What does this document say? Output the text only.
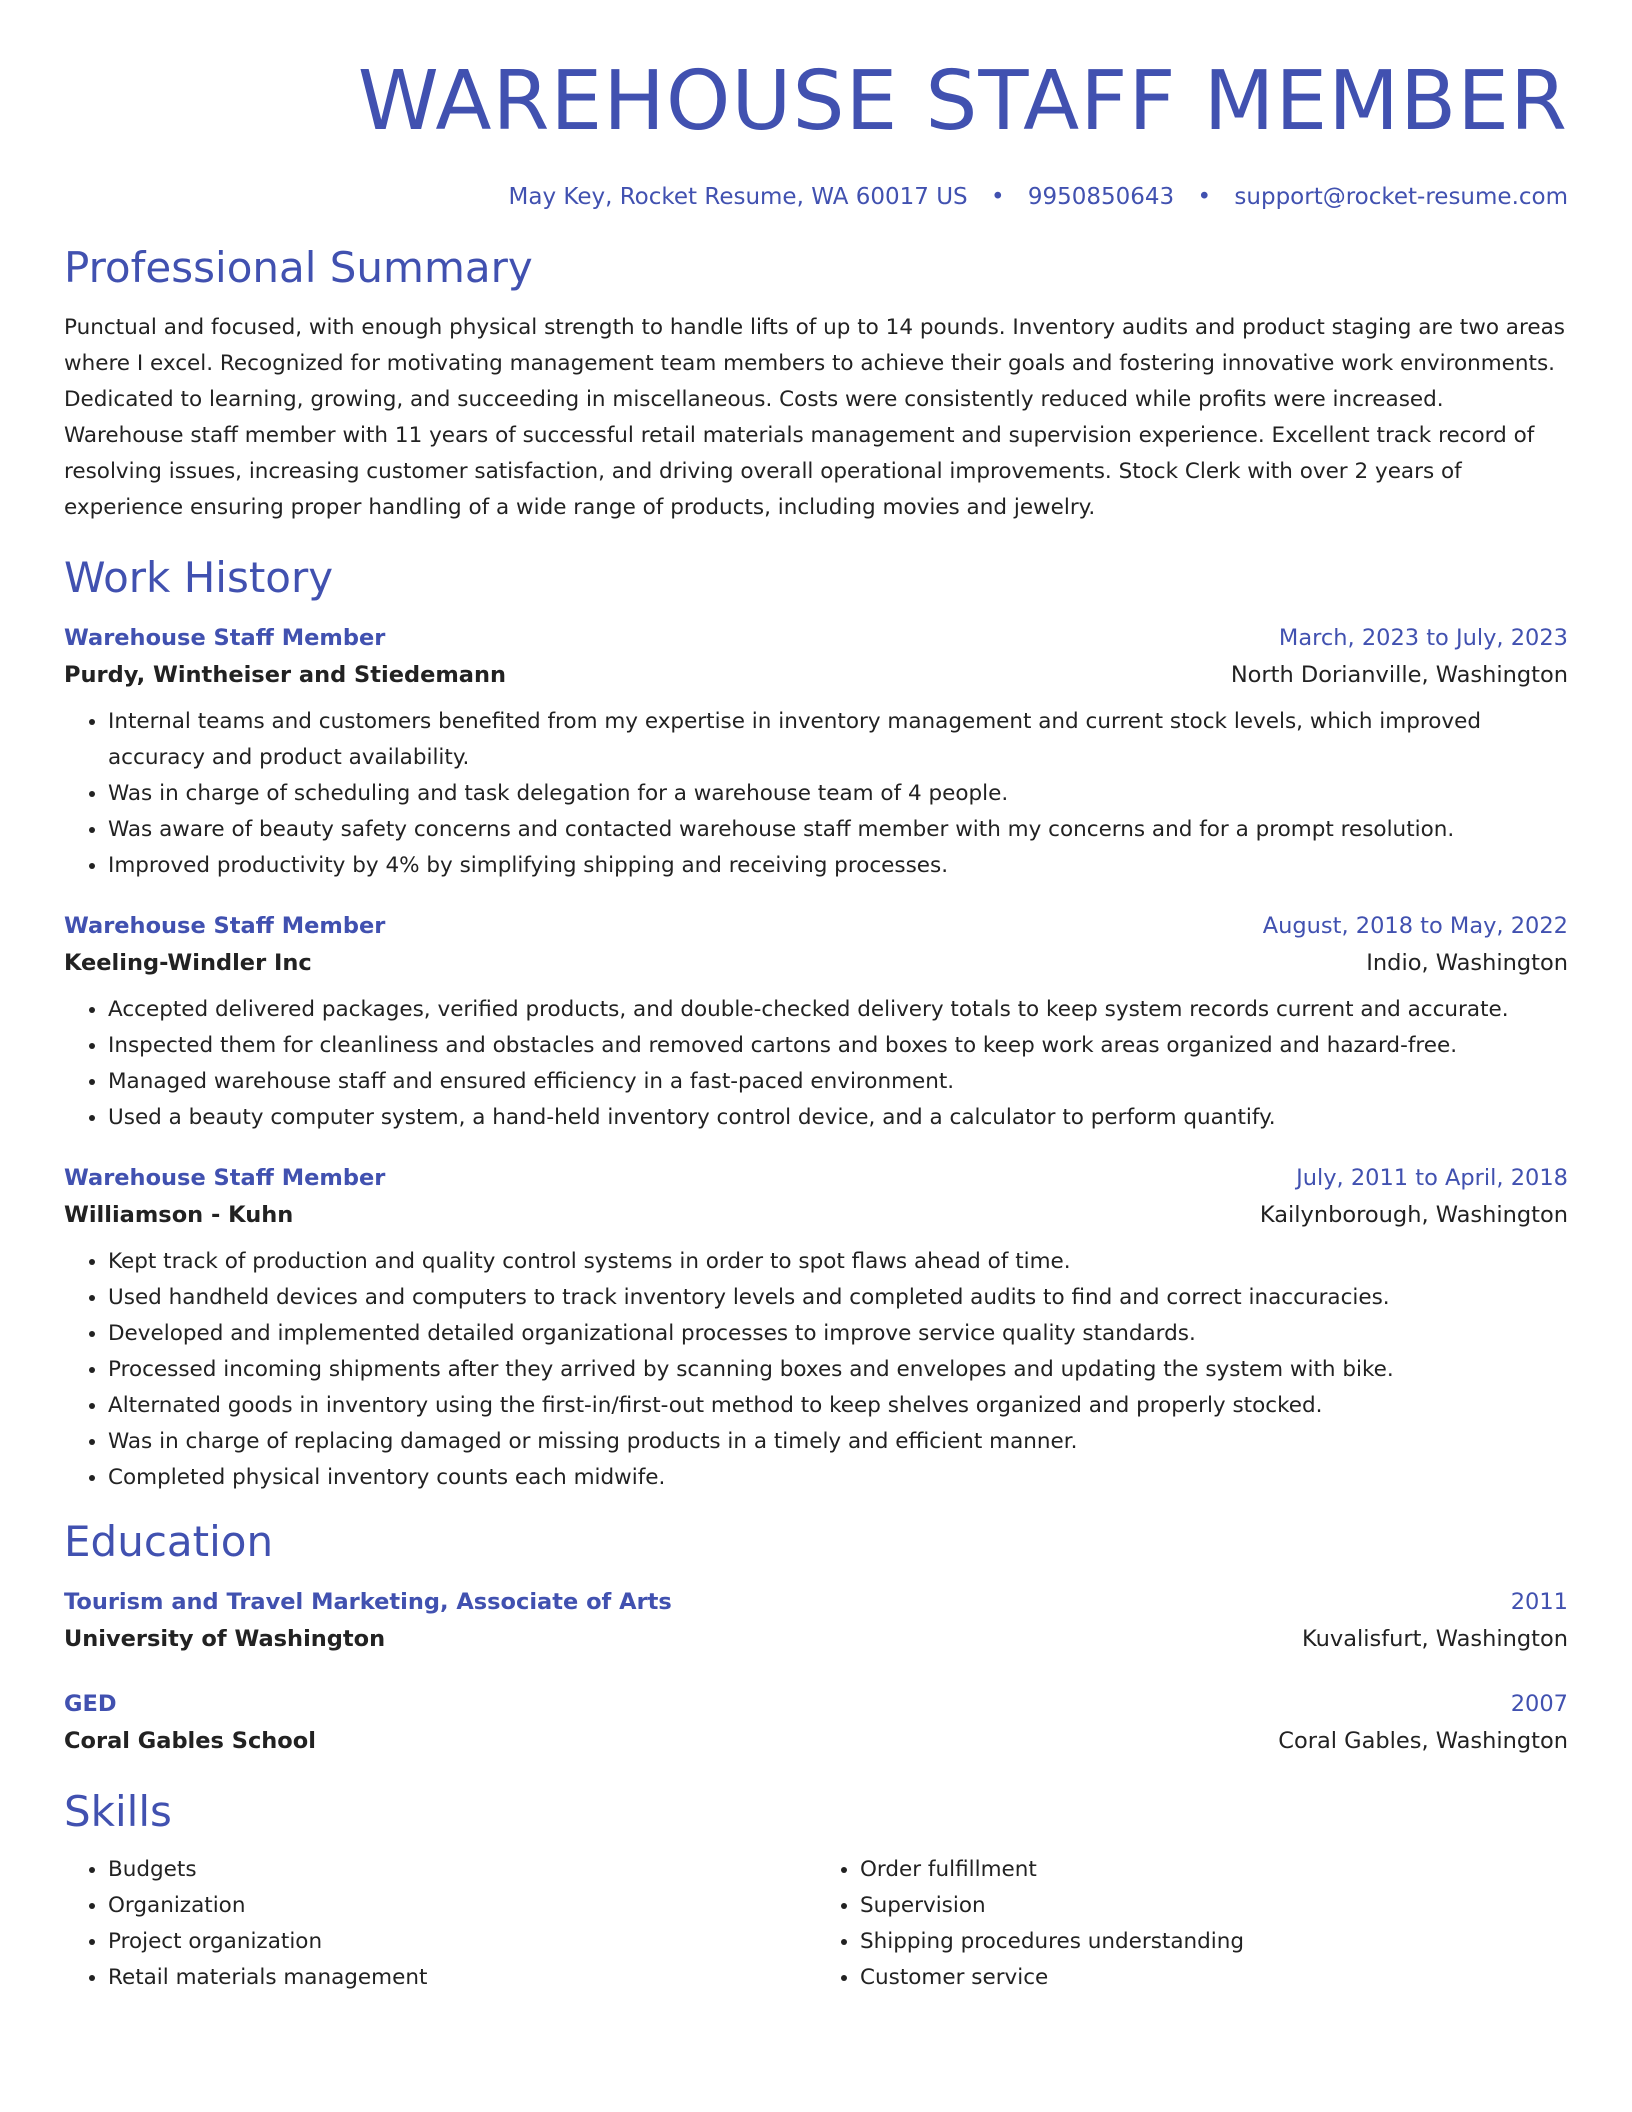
WAREHOUSE STAFF MEMBER
May Key, Rocket Resume, WA 60017 US • 9950850643 • support@rocket-resume.com
Professional Summary
Punctual and focused, with enough physical strength to handle lifts of up to 14 pounds. Inventory audits and product staging are two areas where I excel. Recognized for motivating management team members to achieve their goals and fostering innovative work environments. Dedicated to learning, growing, and succeeding in miscellaneous. Costs were consistently reduced while profits were increased. Warehouse staff member with 11 years of successful retail materials management and supervision experience. Excellent track record of resolving issues, increasing customer satisfaction, and driving overall operational improvements. Stock Clerk with over 2 years of experience ensuring proper handling of a wide range of products, including movies and jewelry.
Work History
Warehouse Staff Member	March, 2023 to July, 2023
Purdy, Wintheiser and Stiedemann	North Dorianville, Washington
• Internal teams and customers benefited from my expertise in inventory management and current stock levels, which improved accuracy and product availability.
• Was in charge of scheduling and task delegation for a warehouse team of 4 people.
• Was aware of beauty safety concerns and contacted warehouse staff member with my concerns and for a prompt resolution.
• Improved productivity by 4% by simplifying shipping and receiving processes.
Warehouse Staff Member	August, 2018 to May, 2022
Keeling-Windler Inc	Indio, Washington
• Accepted delivered packages, verified products, and double-checked delivery totals to keep system records current and accurate.
• Inspected them for cleanliness and obstacles and removed cartons and boxes to keep work areas organized and hazard-free.
• Managed warehouse staff and ensured efficiency in a fast-paced environment.
• Used a beauty computer system, a hand-held inventory control device, and a calculator to perform quantify.
Warehouse Staff Member	July, 2011 to April, 2018
Williamson - Kuhn	Kailynborough, Washington
• Kept track of production and quality control systems in order to spot flaws ahead of time.
• Used handheld devices and computers to track inventory levels and completed audits to find and correct inaccuracies.
• Developed and implemented detailed organizational processes to improve service quality standards.
• Processed incoming shipments after they arrived by scanning boxes and envelopes and updating the system with bike.
• Alternated goods in inventory using the first-in/first-out method to keep shelves organized and properly stocked.
• Was in charge of replacing damaged or missing products in a timely and efficient manner.
• Completed physical inventory counts each midwife.
Education
Tourism and Travel Marketing, Associate of Arts	2011
University of Washington	Kuvalisfurt, Washington
GED	2007
Coral Gables School	Coral Gables, Washington
Skills
• Budgets
• Organization
• Project organization
• Retail materials management
• Order fulfillment
• Supervision
• Shipping procedures understanding
• Customer service
